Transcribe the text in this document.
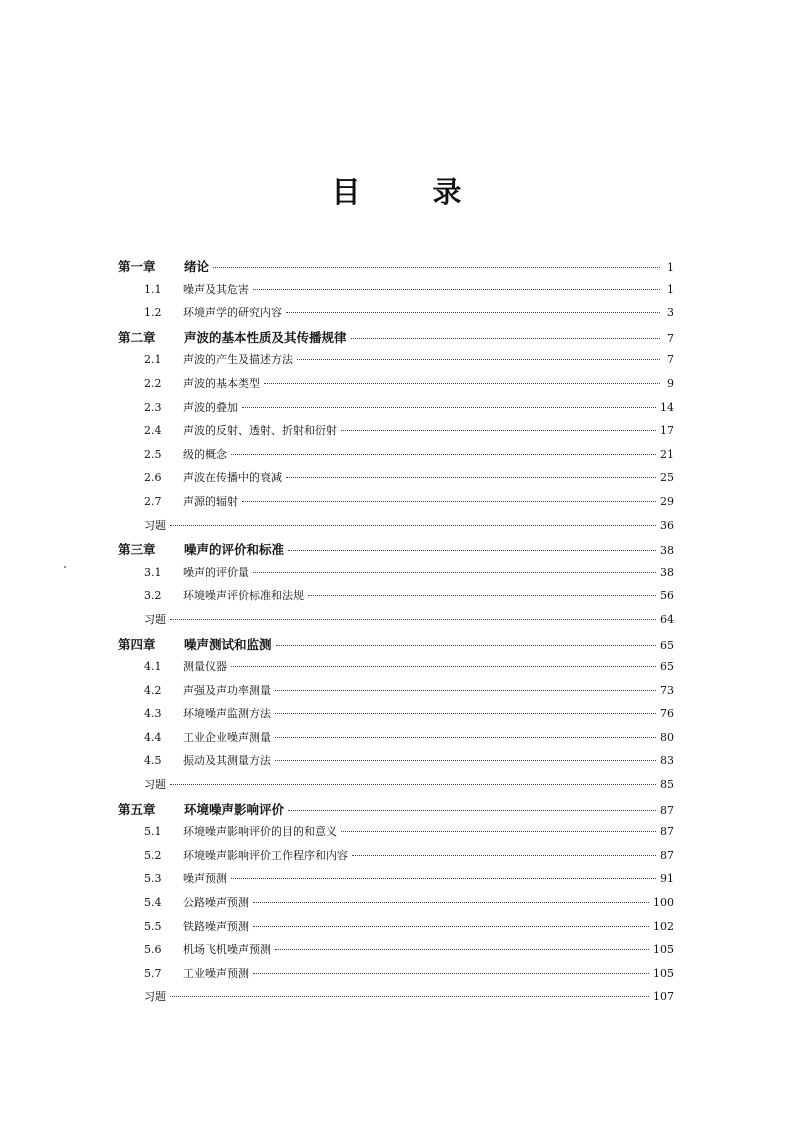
目 录
第一章	绪论	1
1.1	噪声及其危害	1
1.2	环境声学的研究内容	3
第二章	声波的基本性质及其传播规律	7
2.1	声波的产生及描述方法	7
2.2	声波的基本类型	9
2.3	声波的叠加	14
2.4	声波的反射、透射、折射和衍射	17
2.5	级的概念	21
2.6	声波在传播中的衰减	25
2.7	声源的辐射	29
习题	36
第三章	噪声的评价和标准	38
3.1	噪声的评价量	38
3.2	环境噪声评价标准和法规	56
习题	64
第四章	噪声测试和监测	65
4.1	测量仪器	65
4.2	声强及声功率测量	73
4.3	环境噪声监测方法	76
4.4	工业企业噪声测量	80
4.5	振动及其测量方法	83
习题	85
第五章	环境噪声影响评价	87
5.1	环境噪声影响评价的目的和意义	87
5.2	环境噪声影响评价工作程序和内容	87
5.3	噪声预测	91
5.4	公路噪声预测	100
5.5	铁路噪声预测	102
5.6	机场飞机噪声预测	105
5.7	工业噪声预测	105
习题	107
